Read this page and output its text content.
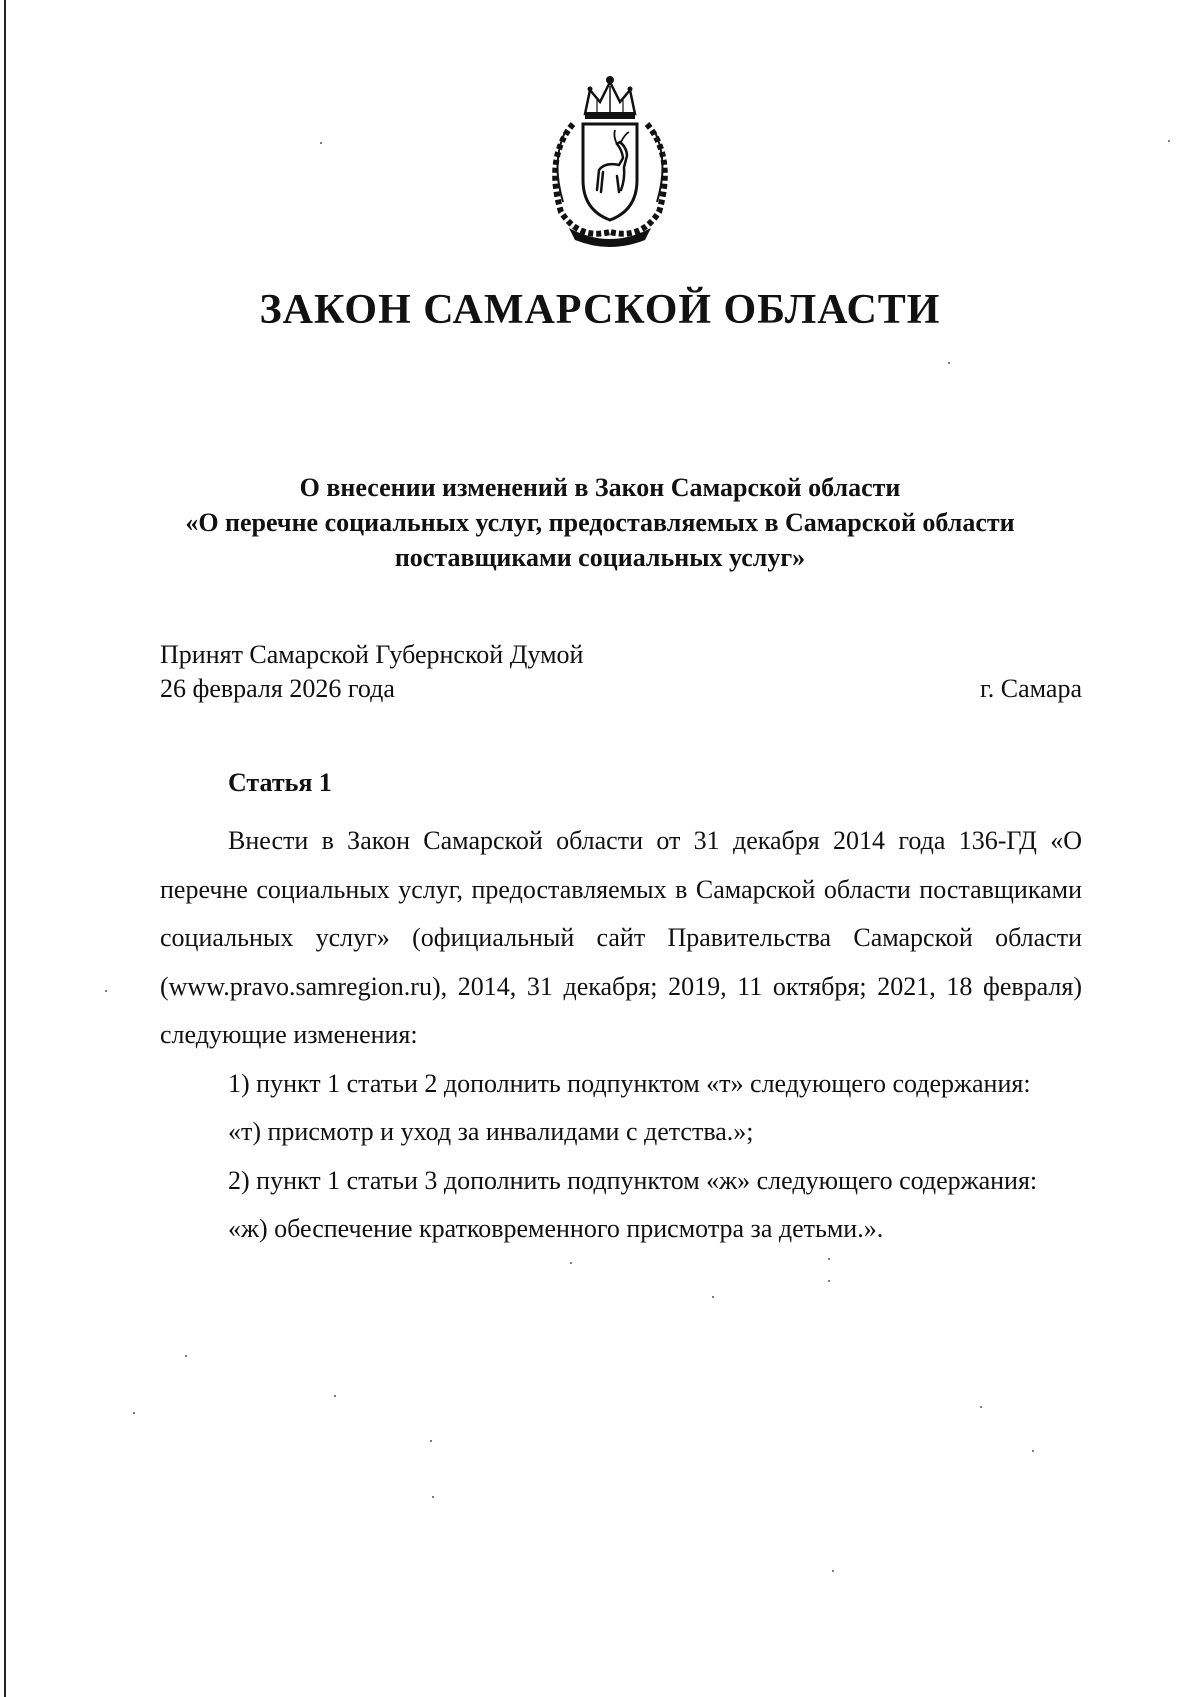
ЗАКОН САМАРСКОЙ ОБЛАСТИ
О внесении изменений в Закон Самарской области
«О перечне социальных услуг, предоставляемых в Самарской области
поставщиками социальных услуг»
Принят Самарской Губернской Думой
26 февраля 2026 года	г. Самара
Статья 1

Внести в Закон Самарской области от 31 декабря 2014 года 136-ГД «О перечне социальных услуг, предоставляемых в Самарской области поставщиками социальных услуг» (официальный сайт Правительства Самарской области (www.pravo.samregion.ru), 2014, 31 декабря; 2019, 11 октября; 2021, 18 февраля) следующие изменения:

1) пункт 1 статьи 2 дополнить подпунктом «т» следующего содержания:

«т) присмотр и уход за инвалидами с детства.»;

2) пункт 1 статьи 3 дополнить подпунктом «ж» следующего содержания:

«ж) обеспечение кратковременного присмотра за детьми.».
